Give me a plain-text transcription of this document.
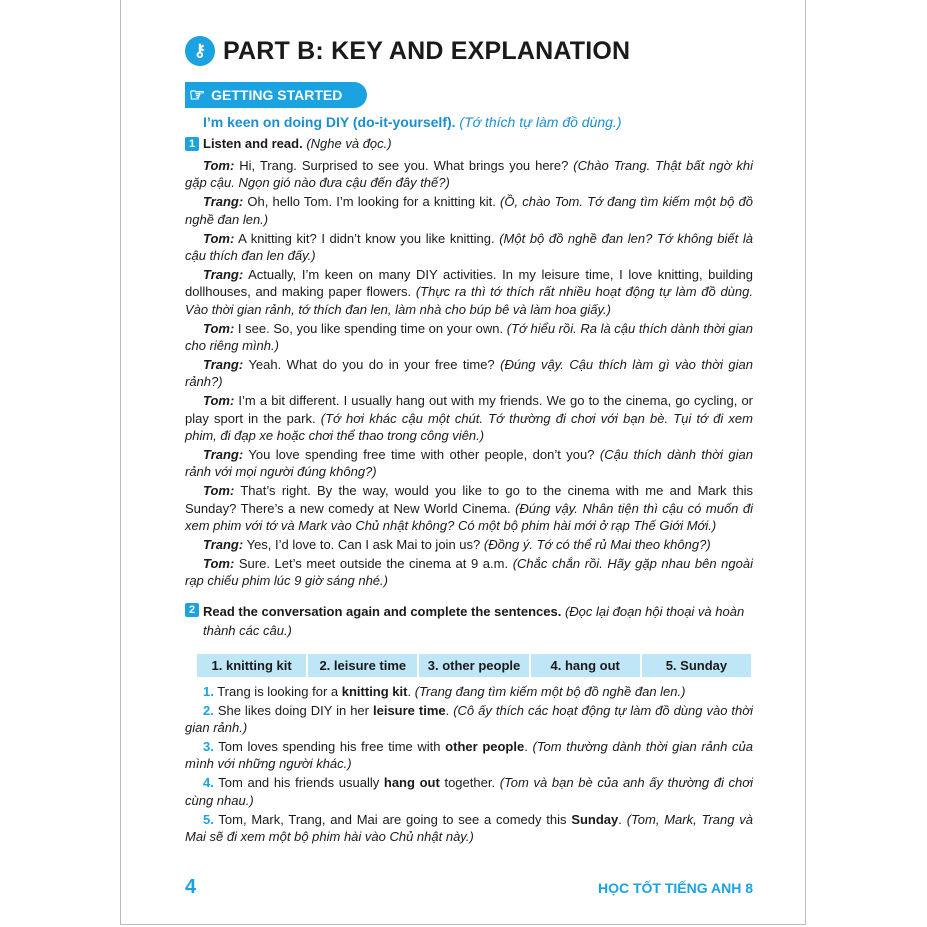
⚷ PART B: KEY AND EXPLANATION
☞ GETTING STARTED
I’m keen on doing DIY (do-it-yourself). (Tớ thích tự làm đồ dùng.)
1 Listen and read. (Nghe và đọc.)

Tom: Hi, Trang. Surprised to see you. What brings you here? (Chào Trang. Thật bất ngờ khi gặp cậu. Ngọn gió nào đưa cậu đến đây thế?)

Trang: Oh, hello Tom. I’m looking for a knitting kit. (Ồ, chào Tom. Tớ đang tìm kiếm một bộ đồ nghề đan len.)

Tom: A knitting kit? I didn’t know you like knitting. (Một bộ đồ nghề đan len? Tớ không biết là cậu thích đan len đấy.)

Trang: Actually, I’m keen on many DIY activities. In my leisure time, I love knitting, building dollhouses, and making paper flowers. (Thực ra thì tớ thích rất nhiều hoạt động tự làm đồ dùng. Vào thời gian rảnh, tớ thích đan len, làm nhà cho búp bê và làm hoa giấy.)

Tom: I see. So, you like spending time on your own. (Tớ hiểu rồi. Ra là cậu thích dành thời gian cho riêng mình.)

Trang: Yeah. What do you do in your free time? (Đúng vậy. Cậu thích làm gì vào thời gian rảnh?)

Tom: I’m a bit different. I usually hang out with my friends. We go to the cinema, go cycling, or play sport in the park. (Tớ hơi khác cậu một chút. Tớ thường đi chơi với bạn bè. Tụi tớ đi xem phim, đi đạp xe hoặc chơi thể thao trong công viên.)

Trang: You love spending free time with other people, don’t you? (Cậu thích dành thời gian rảnh với mọi người đúng không?)

Tom: That’s right. By the way, would you like to go to the cinema with me and Mark this Sunday? There’s a new comedy at New World Cinema. (Đúng vậy. Nhân tiện thì cậu có muốn đi xem phim với tớ và Mark vào Chủ nhật không? Có một bộ phim hài mới ở rạp Thế Giới Mới.)

Trang: Yes, I’d love to. Can I ask Mai to join us? (Đồng ý. Tớ có thể rủ Mai theo không?)

Tom: Sure. Let’s meet outside the cinema at 9 a.m. (Chắc chắn rồi. Hãy gặp nhau bên ngoài rạp chiếu phim lúc 9 giờ sáng nhé.)

2 Read the conversation again and complete the sentences. (Đọc lại đoạn hội thoại và hoàn thành các câu.)
1. knitting kit	2. leisure time	3. other people	4. hang out	5. Sunday

1. Trang is looking for a knitting kit. (Trang đang tìm kiếm một bộ đồ nghề đan len.)

2. She likes doing DIY in her leisure time. (Cô ấy thích các hoạt động tự làm đồ dùng vào thời gian rảnh.)

3. Tom loves spending his free time with other people. (Tom thường dành thời gian rảnh của mình với những người khác.)

4. Tom and his friends usually hang out together. (Tom và bạn bè của anh ấy thường đi chơi cùng nhau.)

5. Tom, Mark, Trang, and Mai are going to see a comedy this Sunday. (Tom, Mark, Trang và Mai sẽ đi xem một bộ phim hài vào Chủ nhật này.)

4	HỌC TỐT TIẾNG ANH 8
